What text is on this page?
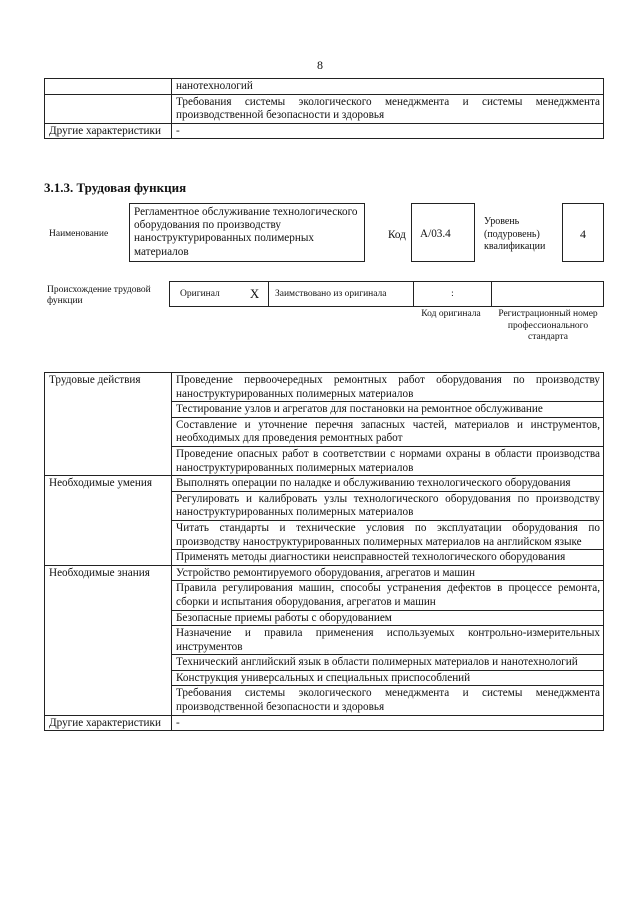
8
	нанотехнологий
	Требования системы экологического менеджмента и системы менеджмента производственной безопасности и здоровья
Другие характеристики	-
3.1.3. Трудовая функция
Наименование
Регламентное обслуживание технологического оборудования по производству наноструктурированных полимерных материалов
Код	А/03.4
Уровень (подуровень) квалификации
4
Происхождение трудовой функции
Оригинал X	Заимствовано из оригинала	:
Код оригинала	Регистрационный номер профессионального стандарта
Трудовые действия	Проведение первоочередных ремонтных работ оборудования по производству наноструктурированных полимерных материалов
	Тестирование узлов и агрегатов для постановки на ремонтное обслуживание
	Составление и уточнение перечня запасных частей, материалов и инструментов, необходимых для проведения ремонтных работ
	Проведение опасных работ в соответствии с нормами охраны в области производства наноструктурированных полимерных материалов
Необходимые умения	Выполнять операции по наладке и обслуживанию технологического оборудования
	Регулировать и калибровать узлы технологического оборудования по производству наноструктурированных полимерных материалов
	Читать стандарты и технические условия по эксплуатации оборудования по производству наноструктурированных полимерных материалов на английском языке
	Применять методы диагностики неисправностей технологического оборудования
Необходимые знания	Устройство ремонтируемого оборудования, агрегатов и машин
	Правила регулирования машин, способы устранения дефектов в процессе ремонта, сборки и испытания оборудования, агрегатов и машин
	Безопасные приемы работы с оборудованием
	Назначение и правила применения используемых контрольно-измерительных инструментов
	Технический английский язык в области полимерных материалов и нанотехнологий
	Конструкция универсальных и специальных приспособлений
	Требования системы экологического менеджмента и системы менеджмента производственной безопасности и здоровья
Другие характеристики	-
